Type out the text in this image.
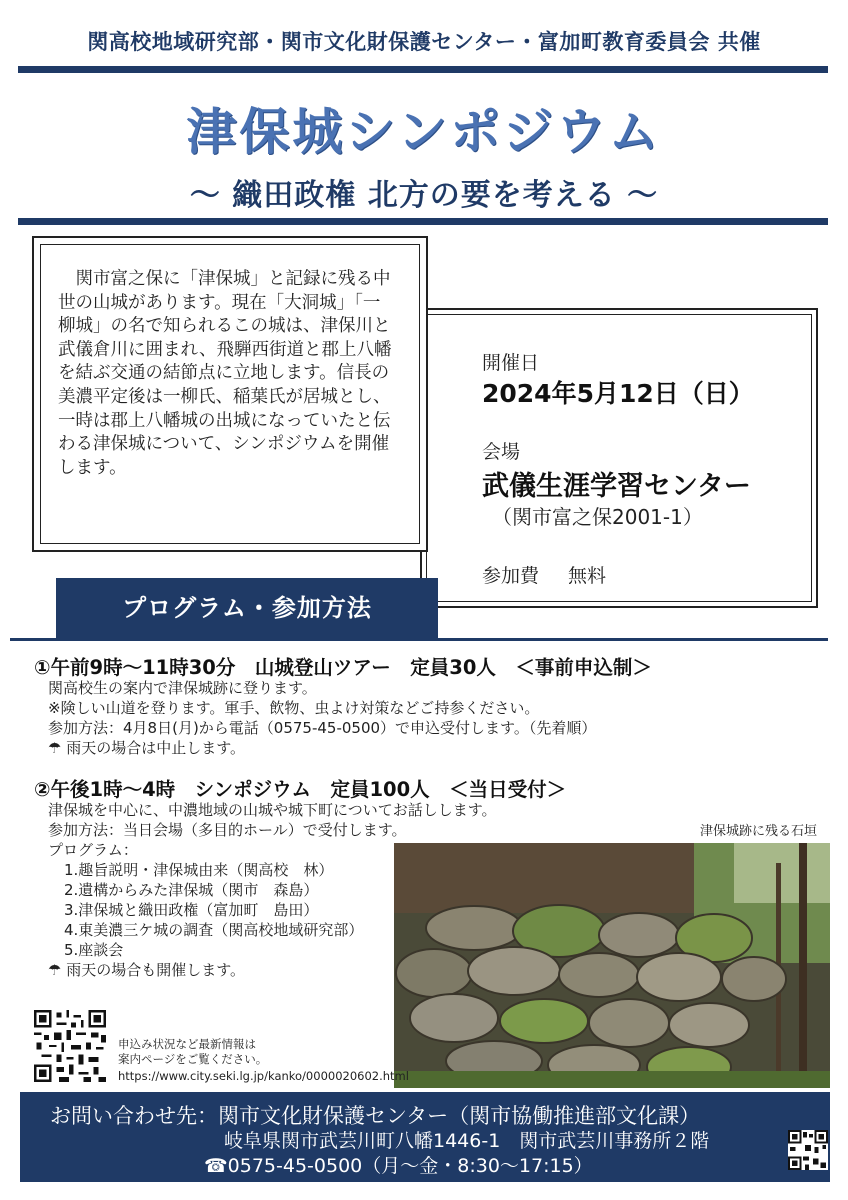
関高校地域研究部・関市文化財保護センター・富加町教育委員会 共催
津保城シンポジウム
～ 織田政権 北方の要を考える ～
　関市富之保に「津保城」と記録に残る中
世の山城があります。現在「大洞城」「一
柳城」の名で知られるこの城は、津保川と
武儀倉川に囲まれ、飛騨西街道と郡上八幡
を結ぶ交通の結節点に立地します。信長の
美濃平定後は一柳氏、稲葉氏が居城とし、
一時は郡上八幡城の出城になっていたと伝
わる津保城について、シンポジウムを開催
します。
開催日
2024年5月12日（日）
会場
武儀生涯学習センター
（関市富之保2001-1）
参加費 無料
プログラム・参加方法
①午前9時～11時30分　山城登山ツアー　定員30人　＜事前申込制＞
関高校生の案内で津保城跡に登ります。
※険しい山道を登ります。軍手、飲物、虫よけ対策などご持参ください。
参加方法：4月8日(月)から電話（0575-45-0500）で申込受付します。（先着順）
☂ 雨天の場合は中止します。
②午後1時～4時　シンポジウム　定員100人　＜当日受付＞
津保城を中心に、中濃地域の山城や城下町についてお話しします。
参加方法：当日会場（多目的ホール）で受付します。
プログラム：
1.趣旨説明・津保城由来（関高校　林）
2.遺構からみた津保城（関市　森島）
3.津保城と織田政権（富加町　島田）
4.東美濃三ケ城の調査（関高校地域研究部）
5.座談会
☂ 雨天の場合も開催します。
津保城跡に残る石垣
申込み状況など最新情報は
案内ページをご覧ください。
https://www.city.seki.lg.jp/kanko/0000020602.html
お問い合わせ先：関市文化財保護センター（関市協働推進部文化課）
岐阜県関市武芸川町八幡1446-1　関市武芸川事務所２階
☎0575-45-0500（月～金・8:30～17:15）
